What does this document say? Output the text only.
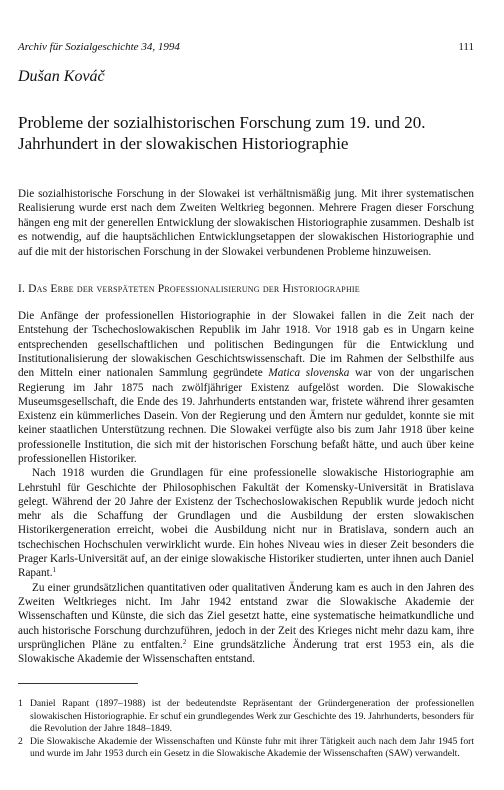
Archiv für Sozialgeschichte 34, 1994	111
Dušan Kováč
Probleme der sozialhistorischen Forschung zum 19. und 20. Jahrhundert in der slowakischen Historiographie
Die sozialhistorische Forschung in der Slowakei ist verhältnismäßig jung. Mit ihrer systematischen Realisierung wurde erst nach dem Zweiten Weltkrieg begonnen. Mehrere Fragen dieser Forschung hängen eng mit der generellen Entwicklung der slowakischen Historiographie zusammen. Deshalb ist es notwendig, auf die hauptsächlichen Entwicklungsetappen der slowakischen Historiographie und auf die mit der historischen Forschung in der Slowakei verbundenen Probleme hinzuweisen.
I. Das Erbe der verspäteten Professionalisierung der Historiographie

Die Anfänge der professionellen Historiographie in der Slowakei fallen in die Zeit nach der Entstehung der Tschechoslowakischen Republik im Jahr 1918. Vor 1918 gab es in Ungarn keine entsprechenden gesellschaftlichen und politischen Bedingungen für die Entwicklung und Institutionalisierung der slowakischen Geschichtswissenschaft. Die im Rahmen der Selbsthilfe aus den Mitteln einer nationalen Sammlung gegründete Matica slovenska war von der ungarischen Regierung im Jahr 1875 nach zwölfjähriger Existenz aufgelöst worden. Die Slowakische Museumsgesellschaft, die Ende des 19. Jahrhunderts entstanden war, fristete während ihrer gesamten Existenz ein kümmerliches Dasein. Von der Regierung und den Ämtern nur geduldet, konnte sie mit keiner staatlichen Unterstützung rechnen. Die Slowakei verfügte also bis zum Jahr 1918 über keine professionelle Institution, die sich mit der historischen Forschung befaßt hätte, und auch über keine professionellen Historiker.

Nach 1918 wurden die Grundlagen für eine professionelle slowakische Historiographie am Lehrstuhl für Geschichte der Philosophischen Fakultät der Komensky-Universität in Bratislava gelegt. Während der 20 Jahre der Existenz der Tschechoslowakischen Republik wurde jedoch nicht mehr als die Schaffung der Grundlagen und die Ausbildung der ersten slowakischen Historikergeneration erreicht, wobei die Ausbildung nicht nur in Bratislava, sondern auch an tschechischen Hochschulen verwirklicht wurde. Ein hohes Niveau wies in dieser Zeit besonders die Prager Karls-Universität auf, an der einige slowakische Historiker studierten, unter ihnen auch Daniel Rapant.$^1$

Zu einer grundsätzlichen quantitativen oder qualitativen Änderung kam es auch in den Jahren des Zweiten Weltkrieges nicht. Im Jahr 1942 entstand zwar die Slowakische Akademie der Wissenschaften und Künste, die sich das Ziel gesetzt hatte, eine systematische heimatkundliche und auch historische Forschung durchzuführen, jedoch in der Zeit des Krieges nicht mehr dazu kam, ihre ursprünglichen Pläne zu entfalten.$^2$ Eine grundsätzliche Änderung trat erst 1953 ein, als die Slowakische Akademie der Wissenschaften entstand.

1 Daniel Rapant (1897–1988) ist der bedeutendste Repräsentant der Gründergeneration der professionellen slowakischen Historiographie. Er schuf ein grundlegendes Werk zur Geschichte des 19. Jahrhunderts, besonders für die Revolution der Jahre 1848–1849.
2 Die Slowakische Akademie der Wissenschaften und Künste fuhr mit ihrer Tätigkeit auch nach dem Jahr 1945 fort und wurde im Jahr 1953 durch ein Gesetz in die Slowakische Akademie der Wissenschaften (SAW) verwandelt.
